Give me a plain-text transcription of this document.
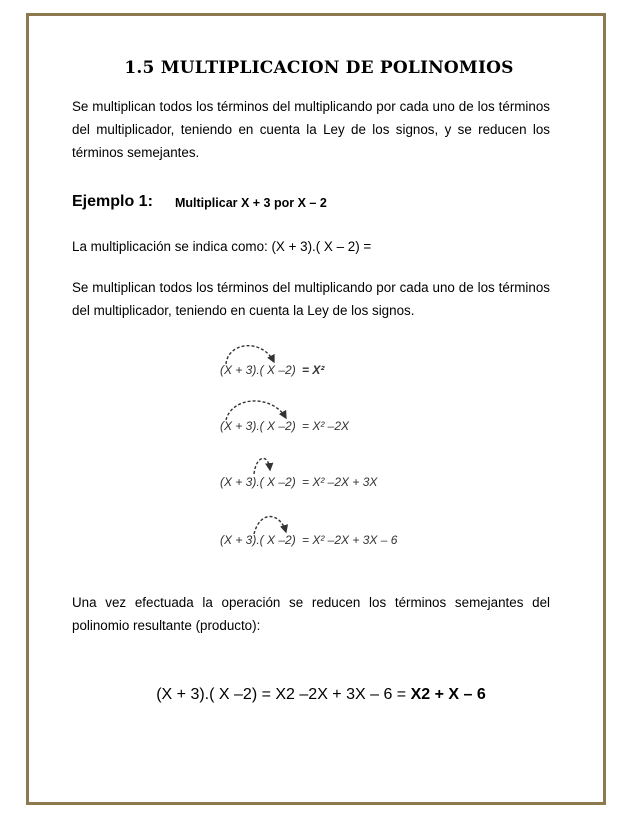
1.5 MULTIPLICACION DE POLINOMIOS
Se multiplican todos los términos del multiplicando por cada uno de los términos del multiplicador, teniendo en cuenta la Ley de los signos, y se reducen los términos semejantes.
Ejemplo 1: Multiplicar X + 3 por X – 2
La multiplicación se indica como: (X + 3).( X – 2) =
Se multiplican todos los términos del multiplicando por cada uno de los términos del multiplicador, teniendo en cuenta la Ley de los signos.
(X + 3).( X –2) = X²
(X + 3).( X –2) = X² –2X
(X + 3).( X –2) = X² –2X + 3X
(X + 3).( X –2) = X² –2X + 3X – 6
Una vez efectuada la operación se reducen los términos semejantes del polinomio resultante (producto):
(X + 3).( X –2) = X2 –2X + 3X – 6 = X2 + X – 6
